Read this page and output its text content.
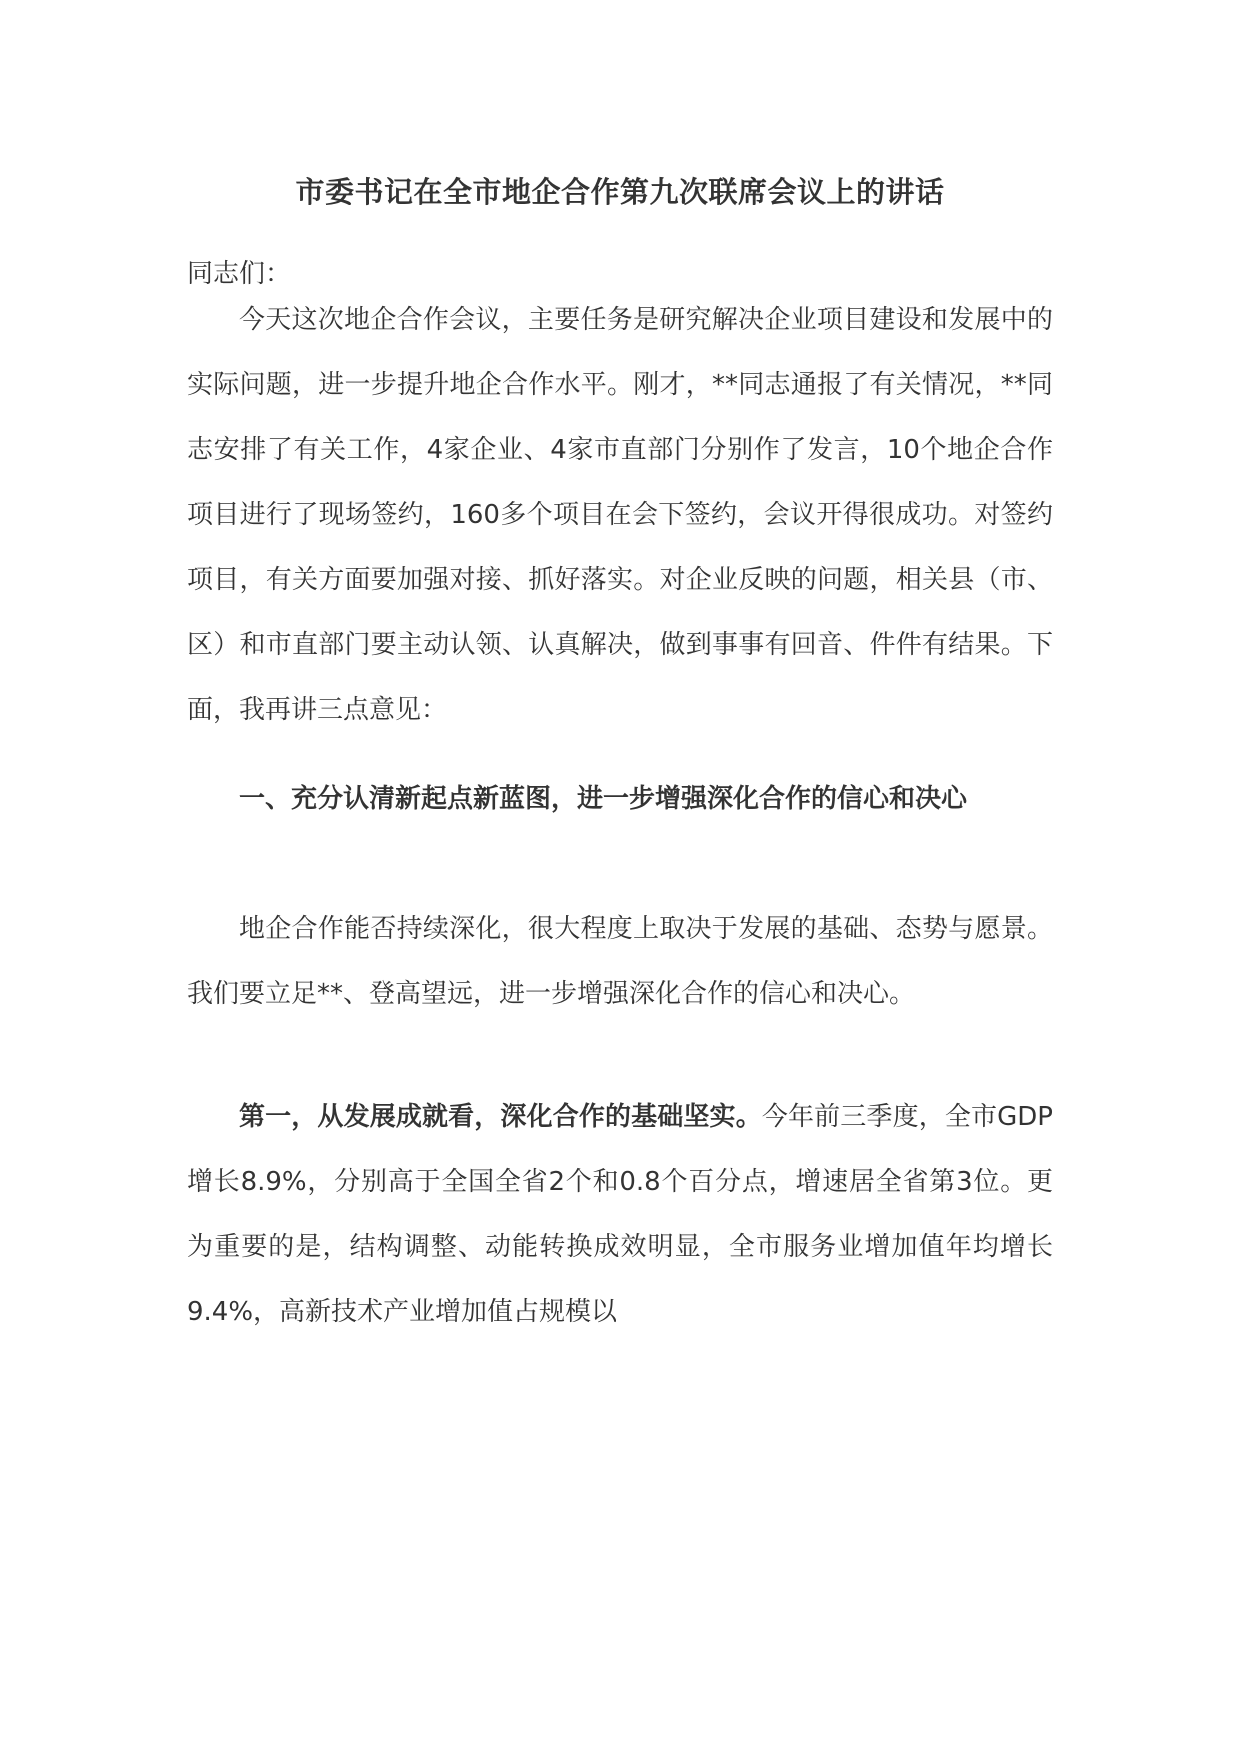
市委书记在全市地企合作第九次联席会议上的讲话
同志们：

今天这次地企合作会议，主要任务是研究解决企业项目建设和发展中的实际问题，进一步提升地企合作水平。刚才，**同志通报了有关情况，**同志安排了有关工作，4家企业、4家市直部门分别作了发言，10个地企合作项目进行了现场签约，160多个项目在会下签约，会议开得很成功。对签约项目，有关方面要加强对接、抓好落实。对企业反映的问题，相关县（市、区）和市直部门要主动认领、认真解决，做到事事有回音、件件有结果。下面，我再讲三点意见：

一、充分认清新起点新蓝图，进一步增强深化合作的信心和决心

地企合作能否持续深化，很大程度上取决于发展的基础、态势与愿景。我们要立足**、登高望远，进一步增强深化合作的信心和决心。

第一，从发展成就看，深化合作的基础坚实。今年前三季度，全市GDP增长8.9%，分别高于全国全省2个和0.8个百分点，增速居全省第3位。更为重要的是，结构调整、动能转换成效明显，全市服务业增加值年均增长9.4%，高新技术产业增加值占规模以
